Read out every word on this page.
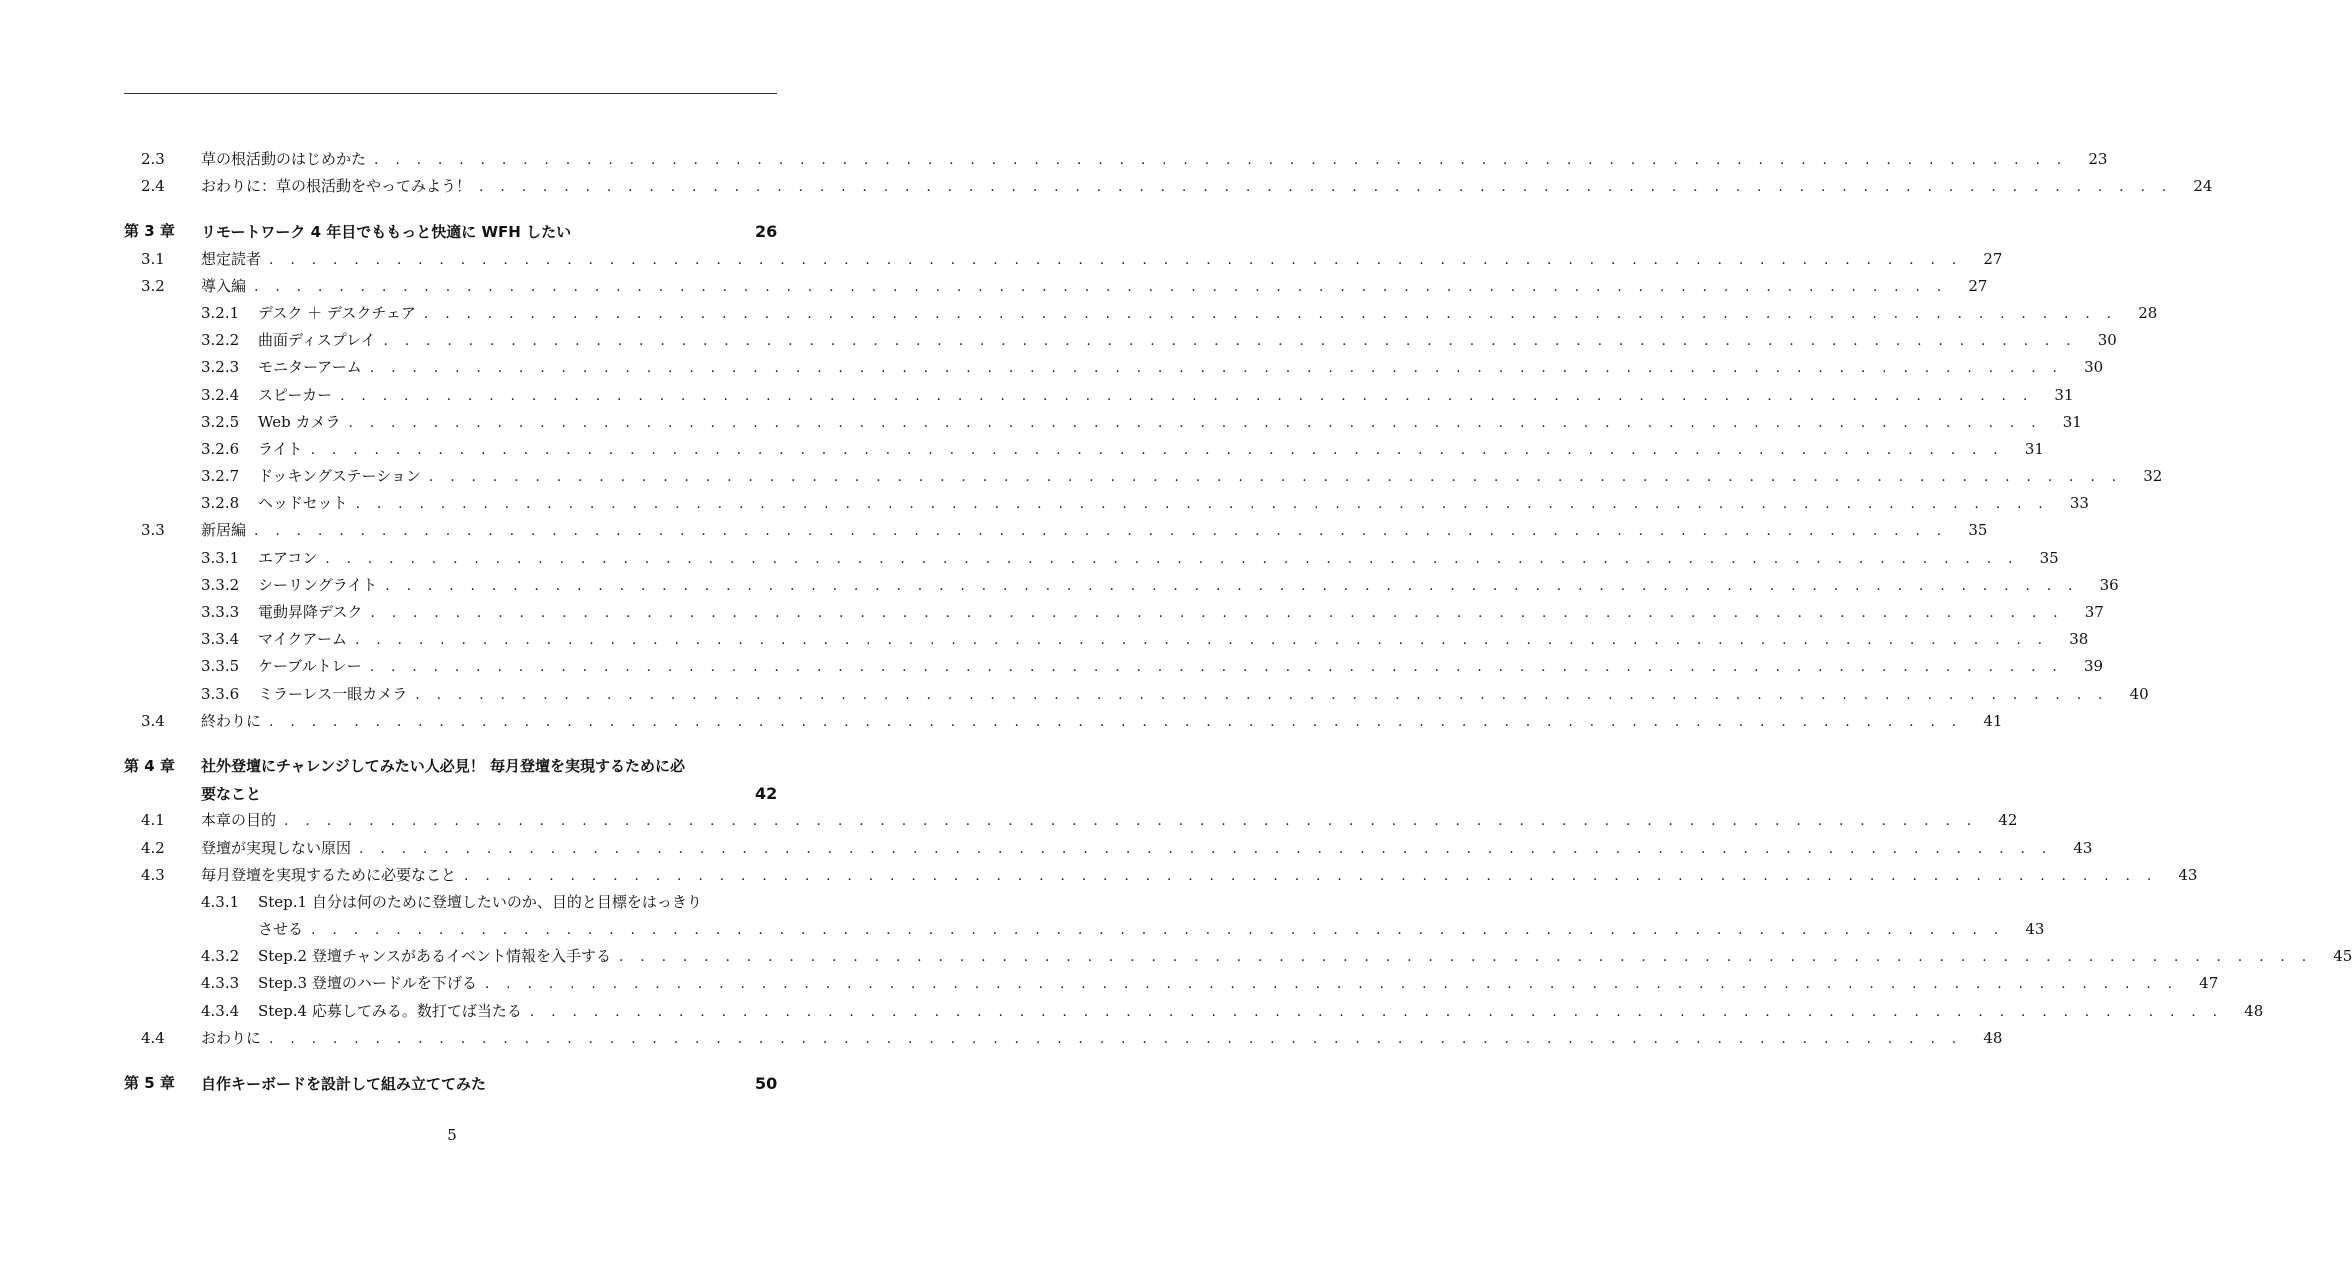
2.3 草の根活動のはじめかた . . . . . . . . . . . . . . . . . . . . . . . . . . . . . . . . . . . . . . . . . . . . . . . . . . . . . . . . . . . . . . . . . . . . . . . . . . . . . . . . 23
2.4 おわりに：草の根活動をやってみよう！ . . . . . . . . . . . . . . . . . . . . . . . . . . . . . . . . . . . . . . . . . . . . . . . . . . . . . . . . . . . . . . . . . . . . . . . . . . . . . . . . 24
第 3 章 リモートワーク 4 年目でももっと快適に WFH したい	26
3.1 想定読者 . . . . . . . . . . . . . . . . . . . . . . . . . . . . . . . . . . . . . . . . . . . . . . . . . . . . . . . . . . . . . . . . . . . . . . . . . . . . . . . . 27
3.2 導入編 . . . . . . . . . . . . . . . . . . . . . . . . . . . . . . . . . . . . . . . . . . . . . . . . . . . . . . . . . . . . . . . . . . . . . . . . . . . . . . . . 27
3.2.1 デスク ＋ デスクチェア . . . . . . . . . . . . . . . . . . . . . . . . . . . . . . . . . . . . . . . . . . . . . . . . . . . . . . . . . . . . . . . . . . . . . . . . . . . . . . . . 28
3.2.2 曲面ディスプレイ . . . . . . . . . . . . . . . . . . . . . . . . . . . . . . . . . . . . . . . . . . . . . . . . . . . . . . . . . . . . . . . . . . . . . . . . . . . . . . . . 30
3.2.3 モニターアーム . . . . . . . . . . . . . . . . . . . . . . . . . . . . . . . . . . . . . . . . . . . . . . . . . . . . . . . . . . . . . . . . . . . . . . . . . . . . . . . . 30
3.2.4 スピーカー . . . . . . . . . . . . . . . . . . . . . . . . . . . . . . . . . . . . . . . . . . . . . . . . . . . . . . . . . . . . . . . . . . . . . . . . . . . . . . . . 31
3.2.5 Web カメラ . . . . . . . . . . . . . . . . . . . . . . . . . . . . . . . . . . . . . . . . . . . . . . . . . . . . . . . . . . . . . . . . . . . . . . . . . . . . . . . . 31
3.2.6 ライト . . . . . . . . . . . . . . . . . . . . . . . . . . . . . . . . . . . . . . . . . . . . . . . . . . . . . . . . . . . . . . . . . . . . . . . . . . . . . . . . 31
3.2.7 ドッキングステーション . . . . . . . . . . . . . . . . . . . . . . . . . . . . . . . . . . . . . . . . . . . . . . . . . . . . . . . . . . . . . . . . . . . . . . . . . . . . . . . . 32
3.2.8 ヘッドセット . . . . . . . . . . . . . . . . . . . . . . . . . . . . . . . . . . . . . . . . . . . . . . . . . . . . . . . . . . . . . . . . . . . . . . . . . . . . . . . . 33
3.3 新居編 . . . . . . . . . . . . . . . . . . . . . . . . . . . . . . . . . . . . . . . . . . . . . . . . . . . . . . . . . . . . . . . . . . . . . . . . . . . . . . . . 35
3.3.1 エアコン . . . . . . . . . . . . . . . . . . . . . . . . . . . . . . . . . . . . . . . . . . . . . . . . . . . . . . . . . . . . . . . . . . . . . . . . . . . . . . . . 35
3.3.2 シーリングライト . . . . . . . . . . . . . . . . . . . . . . . . . . . . . . . . . . . . . . . . . . . . . . . . . . . . . . . . . . . . . . . . . . . . . . . . . . . . . . . . 36
3.3.3 電動昇降デスク . . . . . . . . . . . . . . . . . . . . . . . . . . . . . . . . . . . . . . . . . . . . . . . . . . . . . . . . . . . . . . . . . . . . . . . . . . . . . . . . 37
3.3.4 マイクアーム . . . . . . . . . . . . . . . . . . . . . . . . . . . . . . . . . . . . . . . . . . . . . . . . . . . . . . . . . . . . . . . . . . . . . . . . . . . . . . . . 38
3.3.5 ケーブルトレー . . . . . . . . . . . . . . . . . . . . . . . . . . . . . . . . . . . . . . . . . . . . . . . . . . . . . . . . . . . . . . . . . . . . . . . . . . . . . . . . 39
3.3.6 ミラーレス一眼カメラ . . . . . . . . . . . . . . . . . . . . . . . . . . . . . . . . . . . . . . . . . . . . . . . . . . . . . . . . . . . . . . . . . . . . . . . . . . . . . . . . 40
3.4 終わりに . . . . . . . . . . . . . . . . . . . . . . . . . . . . . . . . . . . . . . . . . . . . . . . . . . . . . . . . . . . . . . . . . . . . . . . . . . . . . . . . 41
第 4 章 社外登壇にチャレンジしてみたい人必見！ 毎月登壇を実現するために必
要なこと	42
4.1 本章の目的 . . . . . . . . . . . . . . . . . . . . . . . . . . . . . . . . . . . . . . . . . . . . . . . . . . . . . . . . . . . . . . . . . . . . . . . . . . . . . . . . 42
4.2 登壇が実現しない原因 . . . . . . . . . . . . . . . . . . . . . . . . . . . . . . . . . . . . . . . . . . . . . . . . . . . . . . . . . . . . . . . . . . . . . . . . . . . . . . . . 43
4.3 毎月登壇を実現するために必要なこと . . . . . . . . . . . . . . . . . . . . . . . . . . . . . . . . . . . . . . . . . . . . . . . . . . . . . . . . . . . . . . . . . . . . . . . . . . . . . . . . 43
4.3.1 Step.1 自分は何のために登壇したいのか、目的と目標をはっきり
させる . . . . . . . . . . . . . . . . . . . . . . . . . . . . . . . . . . . . . . . . . . . . . . . . . . . . . . . . . . . . . . . . . . . . . . . . . . . . . . . . 43
4.3.2 Step.2 登壇チャンスがあるイベント情報を入手する . . . . . . . . . . . . . . . . . . . . . . . . . . . . . . . . . . . . . . . . . . . . . . . . . . . . . . . . . . . . . . . . . . . . . . . . . . . . . . . . 45
4.3.3 Step.3 登壇のハードルを下げる . . . . . . . . . . . . . . . . . . . . . . . . . . . . . . . . . . . . . . . . . . . . . . . . . . . . . . . . . . . . . . . . . . . . . . . . . . . . . . . . 47
4.3.4 Step.4 応募してみる。数打てば当たる . . . . . . . . . . . . . . . . . . . . . . . . . . . . . . . . . . . . . . . . . . . . . . . . . . . . . . . . . . . . . . . . . . . . . . . . . . . . . . . . 48
4.4 おわりに . . . . . . . . . . . . . . . . . . . . . . . . . . . . . . . . . . . . . . . . . . . . . . . . . . . . . . . . . . . . . . . . . . . . . . . . . . . . . . . . 48
第 5 章 自作キーボードを設計して組み立ててみた	50
5
